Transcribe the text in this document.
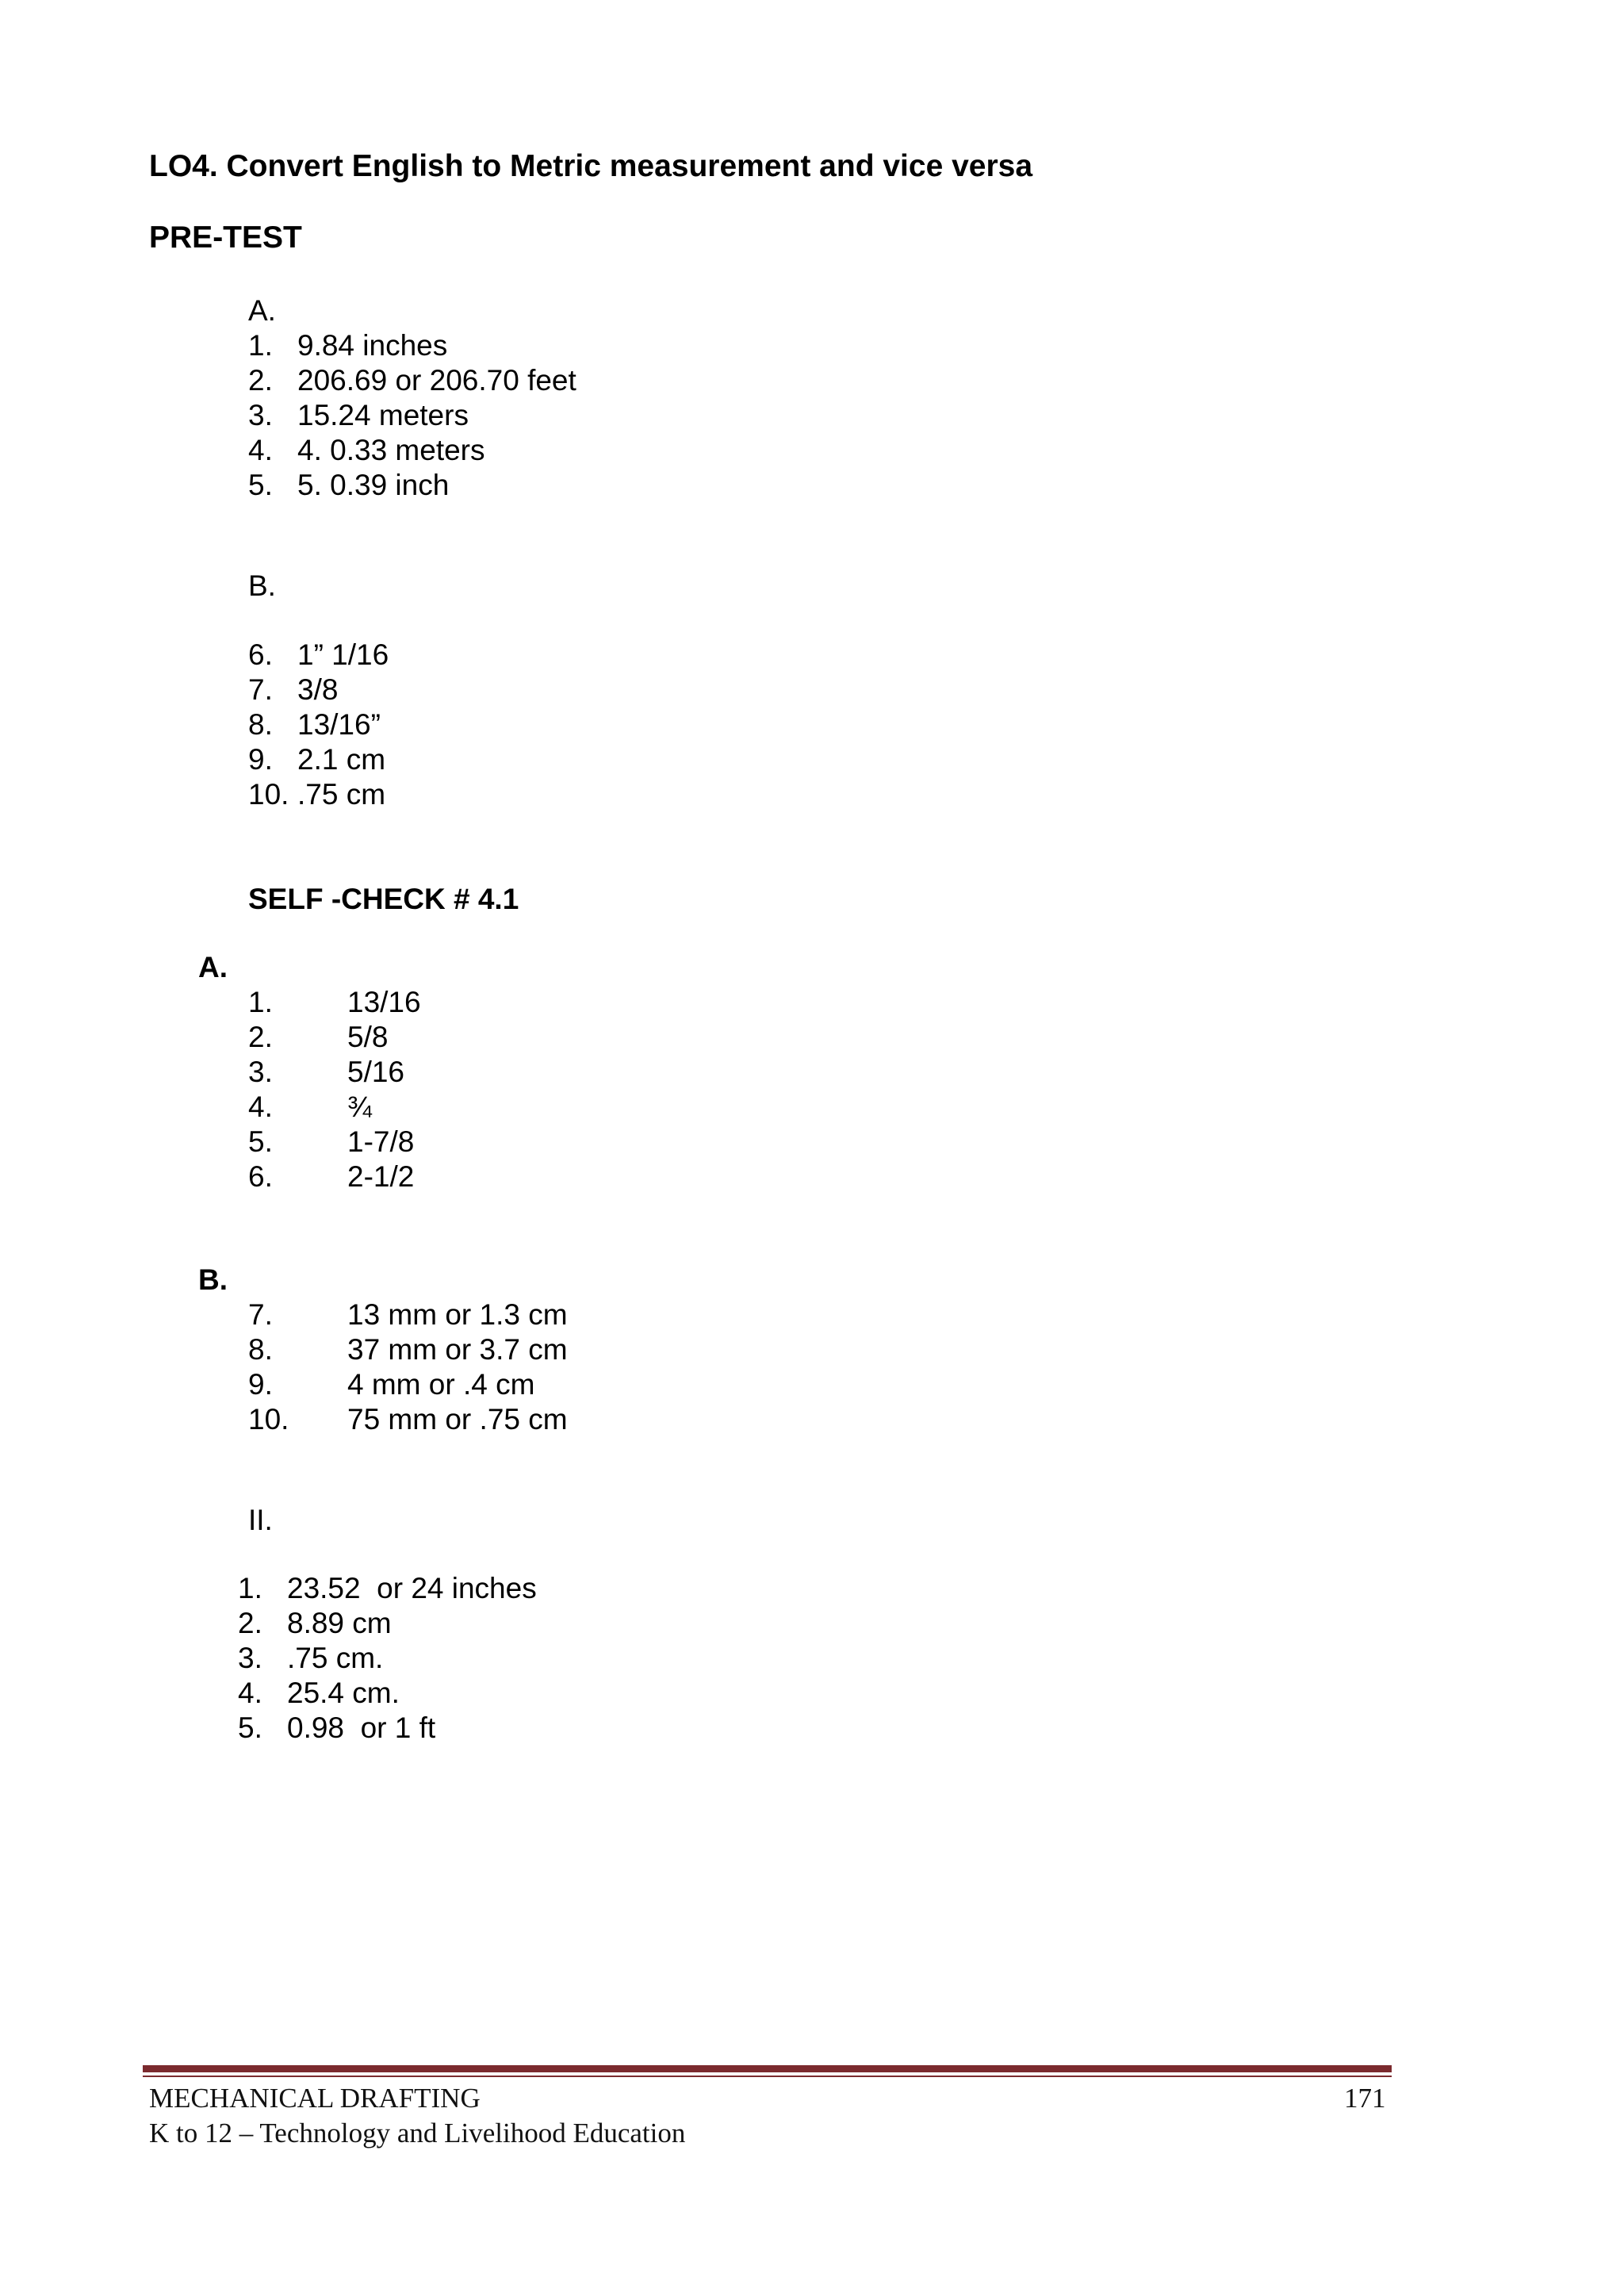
LO4. Convert English to Metric measurement and vice versa
PRE-TEST
A.
1. 9.84 inches
2. 206.69 or 206.70 feet
3. 15.24 meters
4. 4. 0.33 meters
5. 5. 0.39 inch
B.
6. 1” 1/16
7. 3/8
8. 13/16”
9. 2.1 cm
10. .75 cm
SELF -CHECK # 4.1
A.
1.	13/16
2.	5/8
3.	5/16
4.	¾
5.	1-7/8
6.	2-1/2
B.
7.	13 mm or 1.3 cm
8.	37 mm or 3.7 cm
9.	4 mm or .4 cm
10. 75 mm or .75 cm
II.
1. 23.52  or 24 inches
2. 8.89 cm
3. .75 cm.
4. 25.4 cm.
5. 0.98  or 1 ft
MECHANICAL DRAFTING	171
K to 12 – Technology and Livelihood Education
